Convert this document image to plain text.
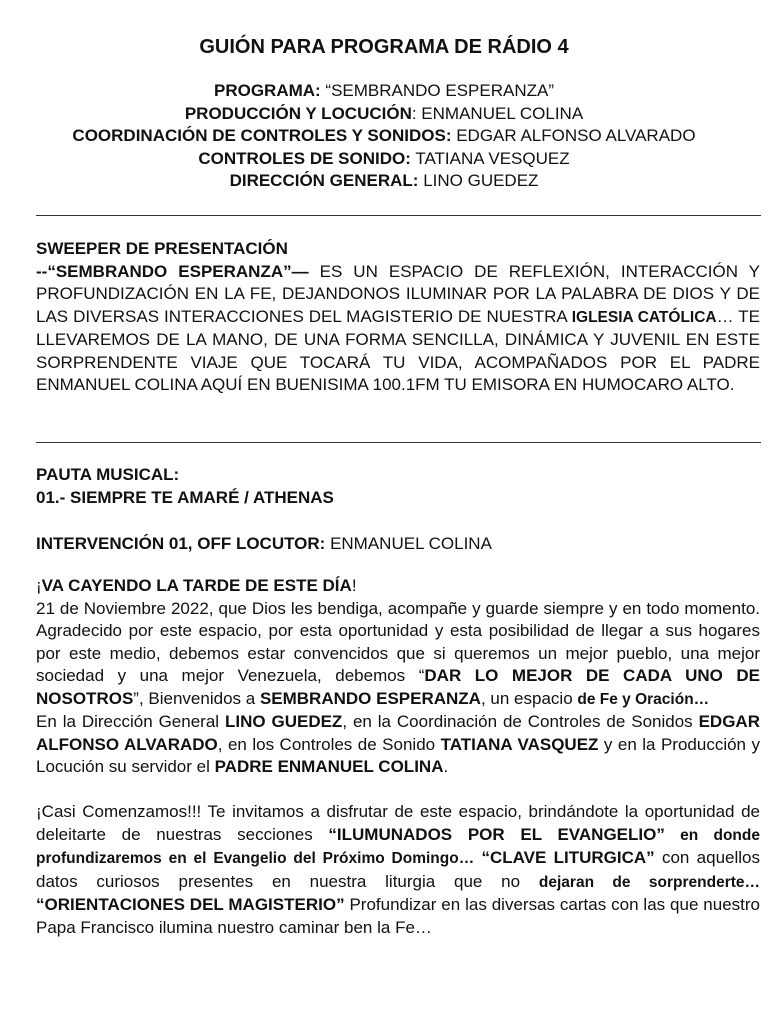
GUIÓN PARA PROGRAMA DE RÁDIO 4
PROGRAMA: “SEMBRANDO ESPERANZA”
PRODUCCIÓN Y LOCUCIÓN: ENMANUEL COLINA
COORDINACIÓN DE CONTROLES Y SONIDOS: EDGAR ALFONSO ALVARADO
CONTROLES DE SONIDO: TATIANA VESQUEZ
DIRECCIÓN GENERAL: LINO GUEDEZ

SWEEPER DE PRESENTACIÓN

--“SEMBRANDO ESPERANZA”— ES UN ESPACIO DE REFLEXIÓN, INTERACCIÓN Y PROFUNDIZACIÓN EN LA FE, DEJANDONOS ILUMINAR POR LA PALABRA DE DIOS Y DE LAS DIVERSAS INTERACCIONES DEL MAGISTERIO DE NUESTRA IGLESIA CATÓLICA… TE LLEVAREMOS DE LA MANO, DE UNA FORMA SENCILLA, DINÁMICA Y JUVENIL EN ESTE SORPRENDENTE VIAJE QUE TOCARÁ TU VIDA, ACOMPAÑADOS POR EL PADRE ENMANUEL COLINA AQUÍ EN BUENISIMA 100.1FM TU EMISORA EN HUMOCARO ALTO.

PAUTA MUSICAL:

01.- SIEMPRE TE AMARÉ / ATHENAS

INTERVENCIÓN 01, OFF LOCUTOR: ENMANUEL COLINA

¡VA CAYENDO LA TARDE DE ESTE DÍA!

21 de Noviembre 2022, que Dios les bendiga, acompañe y guarde siempre y en todo momento. Agradecido por este espacio, por esta oportunidad y esta posibilidad de llegar a sus hogares por este medio, debemos estar convencidos que si queremos un mejor pueblo, una mejor sociedad y una mejor Venezuela, debemos “DAR LO MEJOR DE CADA UNO DE NOSOTROS”, Bienvenidos a SEMBRANDO ESPERANZA, un espacio de Fe y Oración…

En la Dirección General LINO GUEDEZ, en la Coordinación de Controles de Sonidos EDGAR ALFONSO ALVARADO, en los Controles de Sonido TATIANA VASQUEZ y en la Producción y Locución su servidor el PADRE ENMANUEL COLINA.

¡Casi Comenzamos!!! Te invitamos a disfrutar de este espacio, brindándote la oportunidad de deleitarte de nuestras secciones “ILUMUNADOS POR EL EVANGELIO” en donde profundizaremos en el Evangelio del Próximo Domingo… “CLAVE LITURGICA” con aquellos datos curiosos presentes en nuestra liturgia que no dejaran de sorprenderte… “ORIENTACIONES DEL MAGISTERIO” Profundizar en las diversas cartas con las que nuestro Papa Francisco ilumina nuestro caminar ben la Fe…
